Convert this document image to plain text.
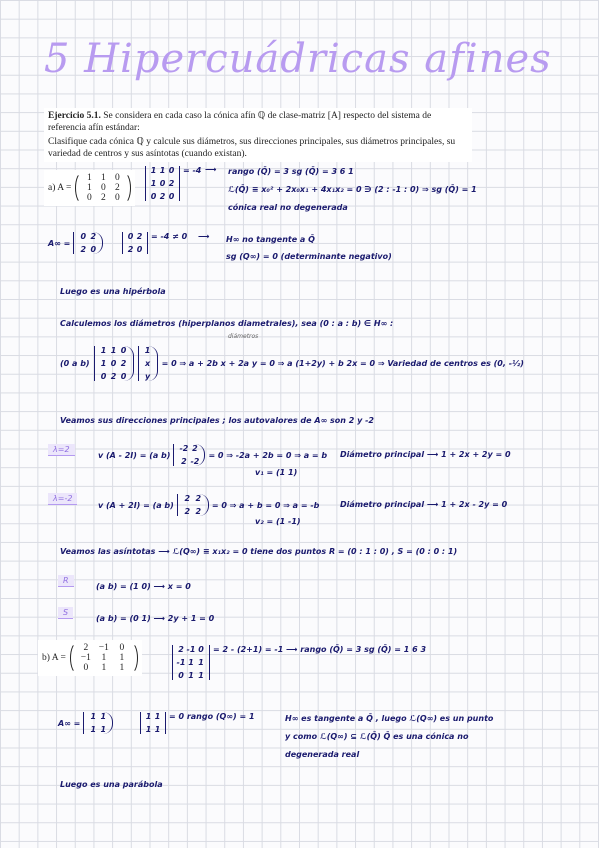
5 Hipercuádricas afines
Ejercicio 5.1. Se considera en cada caso la cónica afín ℚ de clase-matriz [A] respecto del sistema de referencia afín estándar:
Clasifique cada cónica ℚ y calcule sus diámetros, sus direcciones principales, sus diámetros principales, su variedad de centros y sus asíntotas (cuando existan).
a) A =
1 1 0
1 0 2
0 2 0
1 1 0
1 0 2
0 2 0
= -4 ⟶ rango (Q̄) = 3 sg (Q̄) = 3 6 1
ℒ(Q̄) ≡ x₀² + 2x₀x₁ + 4x₁x₂ = 0 ∋ (2 : -1 : 0) ⇒ sg (Q̄) = 1
cónica real no degenerada
A∞ =
0 2
2 0
0 2
2 0
= -4 ≠ 0 ⟶ H∞ no tangente a Q̄
sg (Q∞) = 0 (determinante negativo)
Luego es una hipérbola
Calculemos los diámetros (hiperplanos diametrales), sea (0 : a : b) ∈ H∞ :
diámetros
(0 a b)
1 1 0
1 0 2
0 2 0
1
x
y
= 0 ⇒ a + 2b x + 2a y = 0 ⇒ a (1+2y) + b 2x = 0 ⇒ Variedad de centros es (0, -½)
Veamos sus direcciones principales ; los autovalores de A∞ son 2 y -2
λ=2
v (A - 2I) = (a b)
-2 2
2 -2
= 0 ⇒ -2a + 2b = 0 ⇒ a = b
v₁ = (1 1)
Diámetro principal ⟶ 1 + 2x + 2y = 0
λ=-2
v (A + 2I) = (a b)
2 2
2 2
= 0 ⇒ a + b = 0 ⇒ a = -b
v₂ = (1 -1)
Diámetro principal ⟶ 1 + 2x - 2y = 0
Veamos las asíntotas ⟶ ℒ(Q∞) ≡ x₁x₂ = 0 tiene dos puntos R = (0 : 1 : 0) , S = (0 : 0 : 1)
R
(a b) = (1 0) ⟶ x = 0
S
(a b) = (0 1) ⟶ 2y + 1 = 0
b) A =
2	−1	0
−1	1	1
0	1	1
2 -1 0
-1 1 1
0 1 1
= 2 - (2+1) = -1 ⟶ rango (Q̄) = 3 sg (Q̄) = 1 6 3
A∞ =
1 1
1 1
1 1
1 1
= 0 rango (Q∞) = 1	H∞ es tangente a Q̄ , luego ℒ(Q∞) es un punto
y como ℒ(Q∞) ⊆ ℒ(Q̄) Q̄ es una cónica no
degenerada real
Luego es una parábola
